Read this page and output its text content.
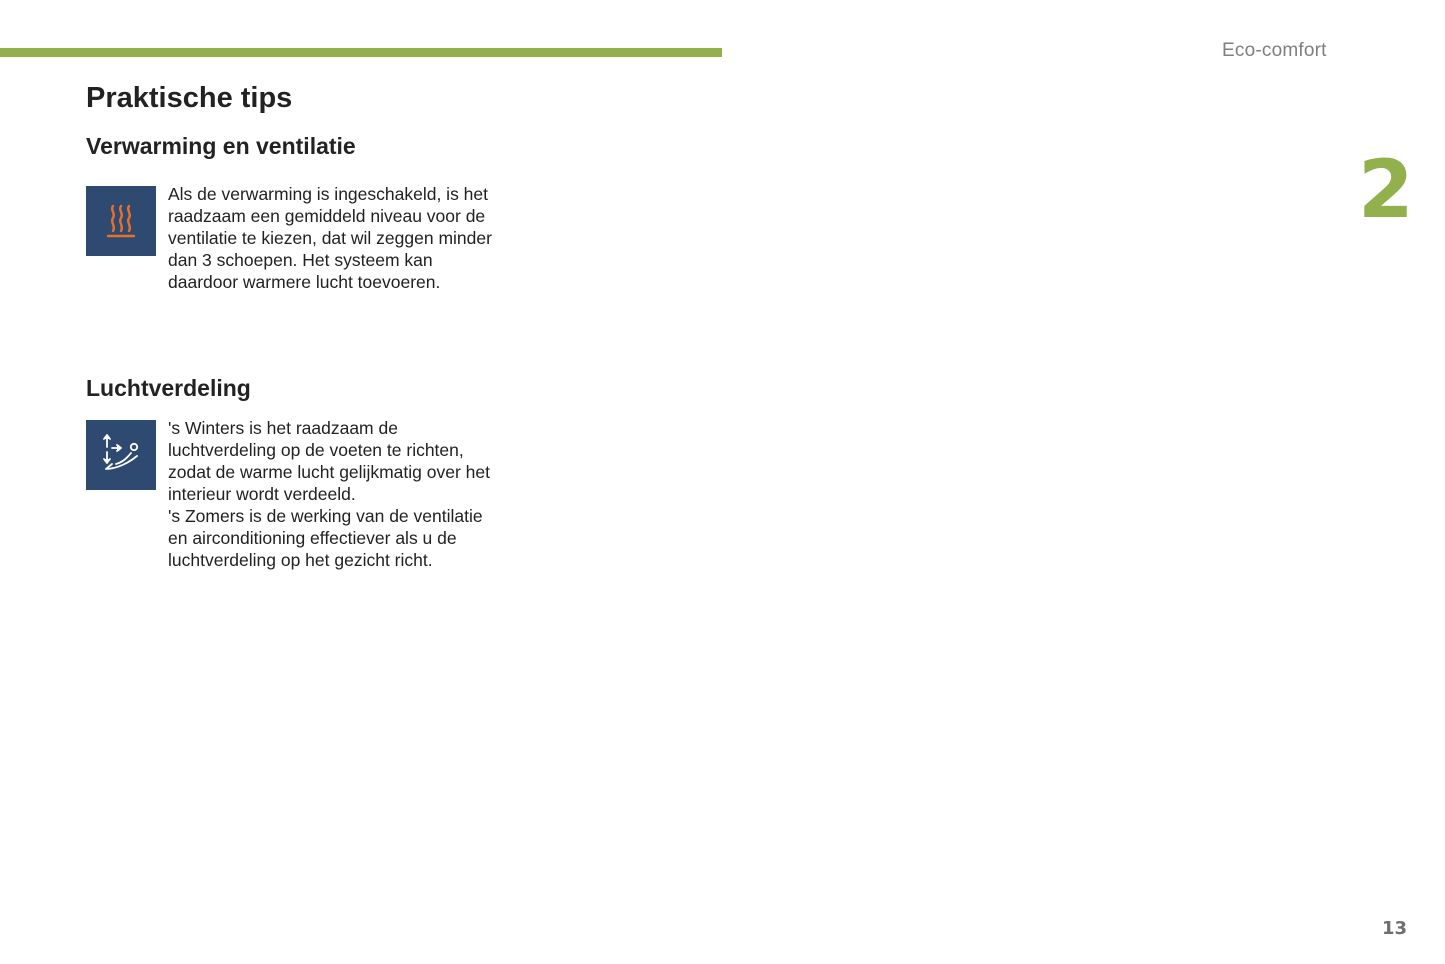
Eco-comfort
2
Praktische tips
Verwarming en ventilatie

Als de verwarming is ingeschakeld, is het raadzaam een gemiddeld niveau voor de ventilatie te kiezen, dat wil zeggen minder dan 3 schoepen. Het systeem kan daardoor warmere lucht toevoeren.

Luchtverdeling

's Winters is het raadzaam de luchtverdeling op de voeten te richten, zodat de warme lucht gelijkmatig over het interieur wordt verdeeld.
's Zomers is de werking van de ventilatie en airconditioning effectiever als u de luchtverdeling op het gezicht richt.

13
